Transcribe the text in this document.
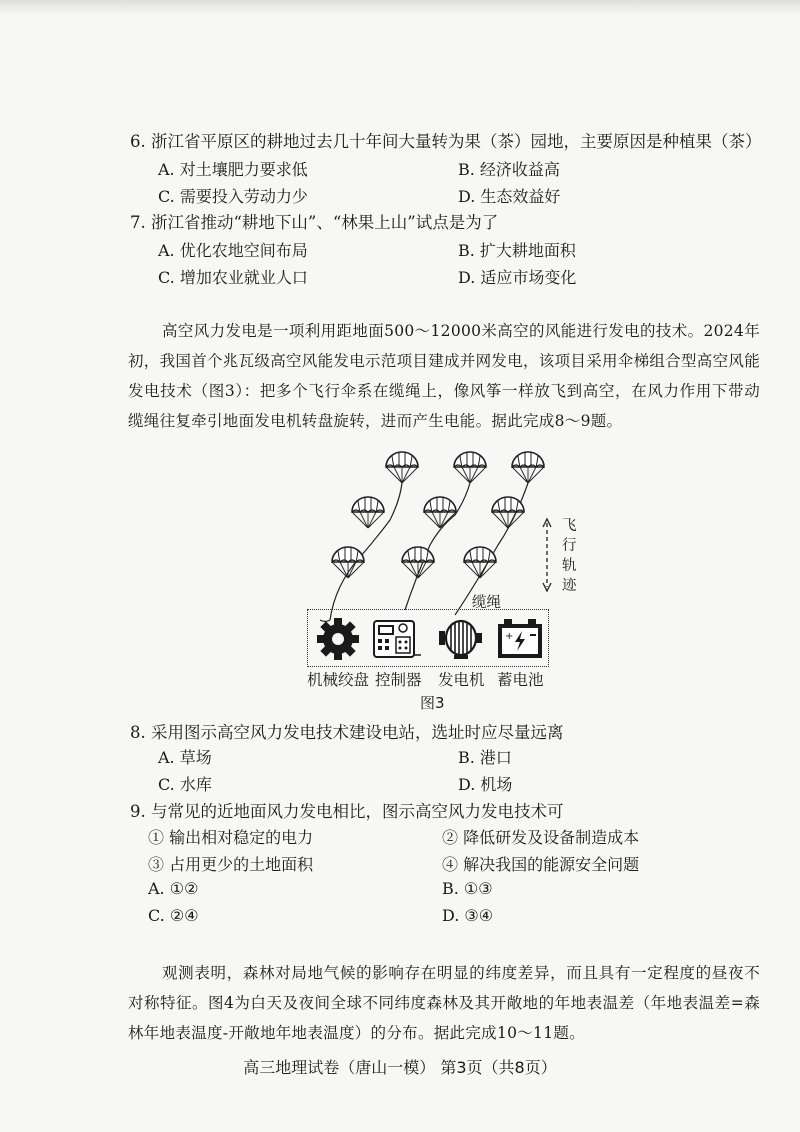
6. 浙江省平原区的耕地过去几十年间大量转为果（茶）园地，主要原因是种植果（茶）
A. 对土壤肥力要求低	B. 经济收益高
C. 需要投入劳动力少	D. 生态效益好
7. 浙江省推动“耕地下山”、“林果上山”试点是为了
A. 优化农地空间布局	B. 扩大耕地面积
C. 增加农业就业人口	D. 适应市场变化
高空风力发电是一项利用距地面500～12000米高空的风能进行发电的技术。2024年初，我国首个兆瓦级高空风能发电示范项目建成并网发电，该项目采用伞梯组合型高空风能发电技术（图3）：把多个飞行伞系在缆绳上，像风筝一样放飞到高空，在风力作用下带动缆绳往复牵引地面发电机转盘旋转，进而产生电能。据此完成8～9题。
飞行轨迹
缆绳
+
机械绞盘 控制器 发电机 蓄电池
图3
8. 采用图示高空风力发电技术建设电站，选址时应尽量远离
A. 草场	B. 港口
C. 水库	D. 机场
9. 与常见的近地面风力发电相比，图示高空风力发电技术可
① 输出相对稳定的电力	② 降低研发及设备制造成本
③ 占用更少的土地面积	④ 解决我国的能源安全问题
A. ①②	B. ①③
C. ②④	D. ③④
观测表明，森林对局地气候的影响存在明显的纬度差异，而且具有一定程度的昼夜不对称特征。图4为白天及夜间全球不同纬度森林及其开敞地的年地表温差（年地表温差=森林年地表温度-开敞地年地表温度）的分布。据此完成10～11题。
高三地理试卷（唐山一模） 第3页（共8页）
